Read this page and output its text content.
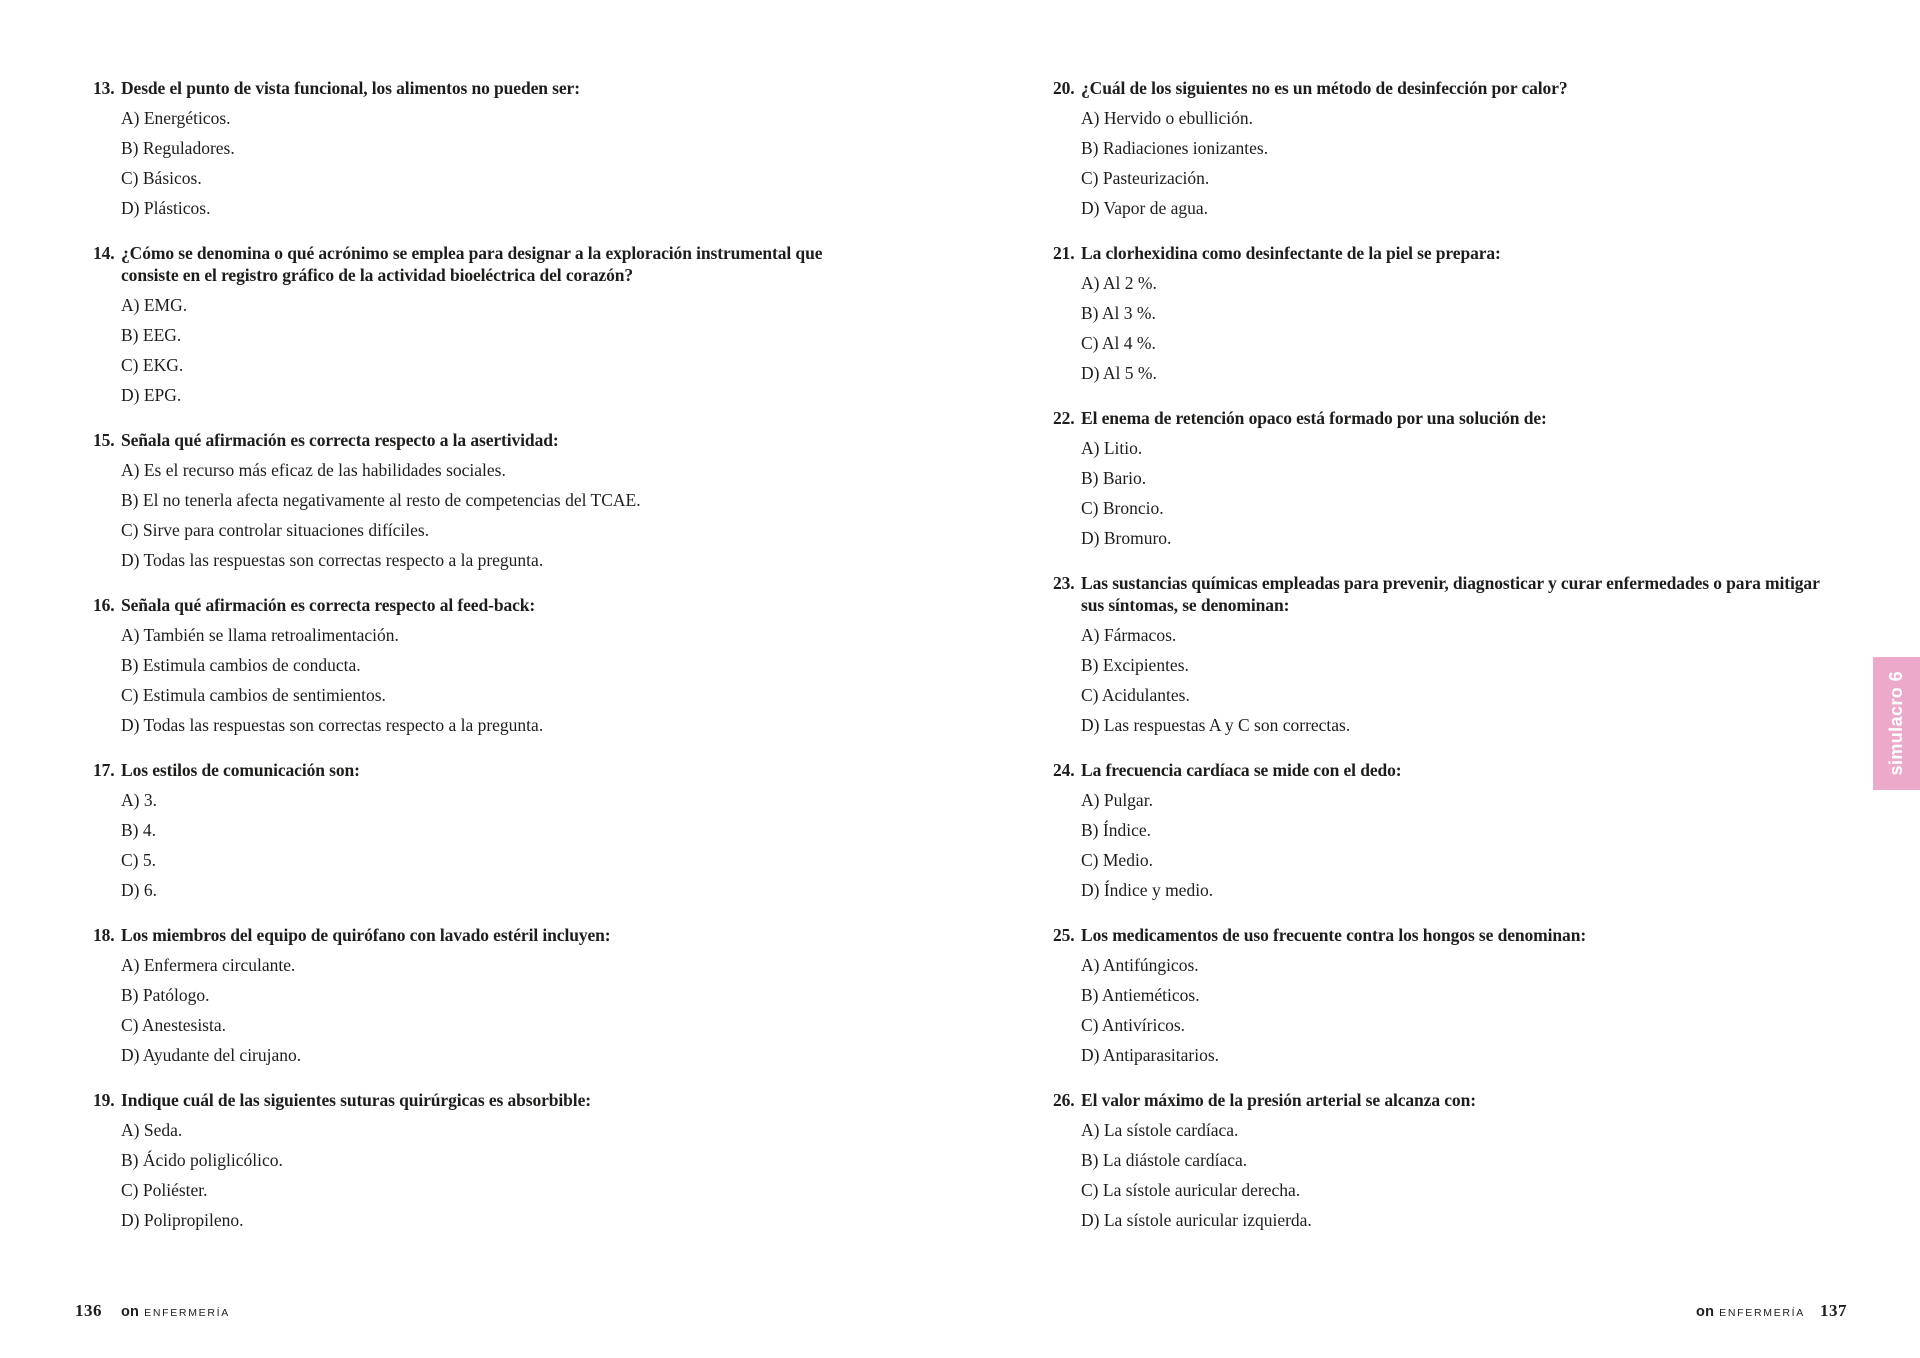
13. Desde el punto de vista funcional, los alimentos no pueden ser:
A) Energéticos.
B) Reguladores.
C) Básicos.
D) Plásticos.
14. ¿Cómo se denomina o qué acrónimo se emplea para designar a la exploración instrumental que consiste en el registro gráfico de la actividad bioeléctrica del corazón?
A) EMG.
B) EEG.
C) EKG.
D) EPG.
15. Señala qué afirmación es correcta respecto a la asertividad:
A) Es el recurso más eficaz de las habilidades sociales.
B) El no tenerla afecta negativamente al resto de competencias del TCAE.
C) Sirve para controlar situaciones difíciles.
D) Todas las respuestas son correctas respecto a la pregunta.
16. Señala qué afirmación es correcta respecto al feed-back:
A) También se llama retroalimentación.
B) Estimula cambios de conducta.
C) Estimula cambios de sentimientos.
D) Todas las respuestas son correctas respecto a la pregunta.
17. Los estilos de comunicación son:
A) 3.
B) 4.
C) 5.
D) 6.
18. Los miembros del equipo de quirófano con lavado estéril incluyen:
A) Enfermera circulante.
B) Patólogo.
C) Anestesista.
D) Ayudante del cirujano.
19. Indique cuál de las siguientes suturas quirúrgicas es absorbible:
A) Seda.
B) Ácido poliglicólico.
C) Poliéster.
D) Polipropileno.
20. ¿Cuál de los siguientes no es un método de desinfección por calor?
A) Hervido o ebullición.
B) Radiaciones ionizantes.
C) Pasteurización.
D) Vapor de agua.
21. La clorhexidina como desinfectante de la piel se prepara:
A) Al 2 %.
B) Al 3 %.
C) Al 4 %.
D) Al 5 %.
22. El enema de retención opaco está formado por una solución de:
A) Litio.
B) Bario.
C) Broncio.
D) Bromuro.
23. Las sustancias químicas empleadas para prevenir, diagnosticar y curar enfermedades o para mitigar sus síntomas, se denominan:
A) Fármacos.
B) Excipientes.
C) Acidulantes.
D) Las respuestas A y C son correctas.
24. La frecuencia cardíaca se mide con el dedo:
A) Pulgar.
B) Índice.
C) Medio.
D) Índice y medio.
25. Los medicamentos de uso frecuente contra los hongos se denominan:
A) Antifúngicos.
B) Antieméticos.
C) Antivíricos.
D) Antiparasitarios.
26. El valor máximo de la presión arterial se alcanza con:
A) La sístole cardíaca.
B) La diástole cardíaca.
C) La sístole auricular derecha.
D) La sístole auricular izquierda.
simulacro 6
136 on ENFERMERÍA	on ENFERMERÍA 137
